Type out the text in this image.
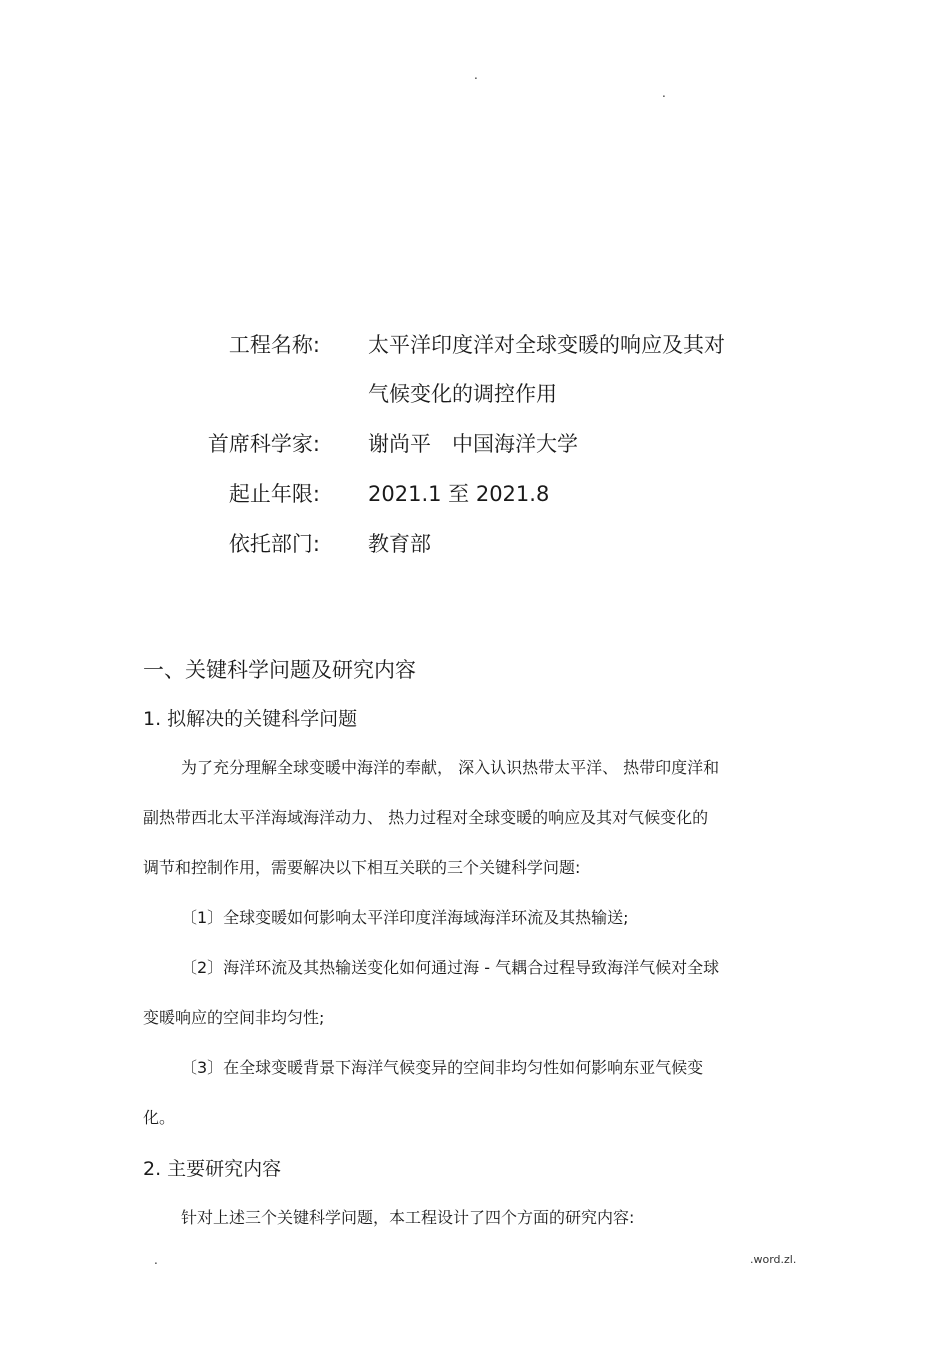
.
.
工程名称: 太平洋印度洋对全球变暖的响应及其对
气候变化的调控作用
首席科学家: 谢尚平　中国海洋大学
起止年限: 2021.1 至 2021.8
依托部门: 教育部
一、关键科学问题及研究内容
1. 拟解决的关键科学问题
为了充分理解全球变暖中海洋的奉献， 深入认识热带太平洋、 热带印度洋和
副热带西北太平洋海域海洋动力、 热力过程对全球变暖的响应及其对气候变化的
调节和控制作用，需要解决以下相互关联的三个关键科学问题:
〔1〕全球变暖如何影响太平洋印度洋海域海洋环流及其热输送;
〔2〕海洋环流及其热输送变化如何通过海 - 气耦合过程导致海洋气候对全球
变暖响应的空间非均匀性;
〔3〕在全球变暖背景下海洋气候变异的空间非均匀性如何影响东亚气候变
化。
2. 主要研究内容
针对上述三个关键科学问题，本工程设计了四个方面的研究内容:
.	.word.zl.
